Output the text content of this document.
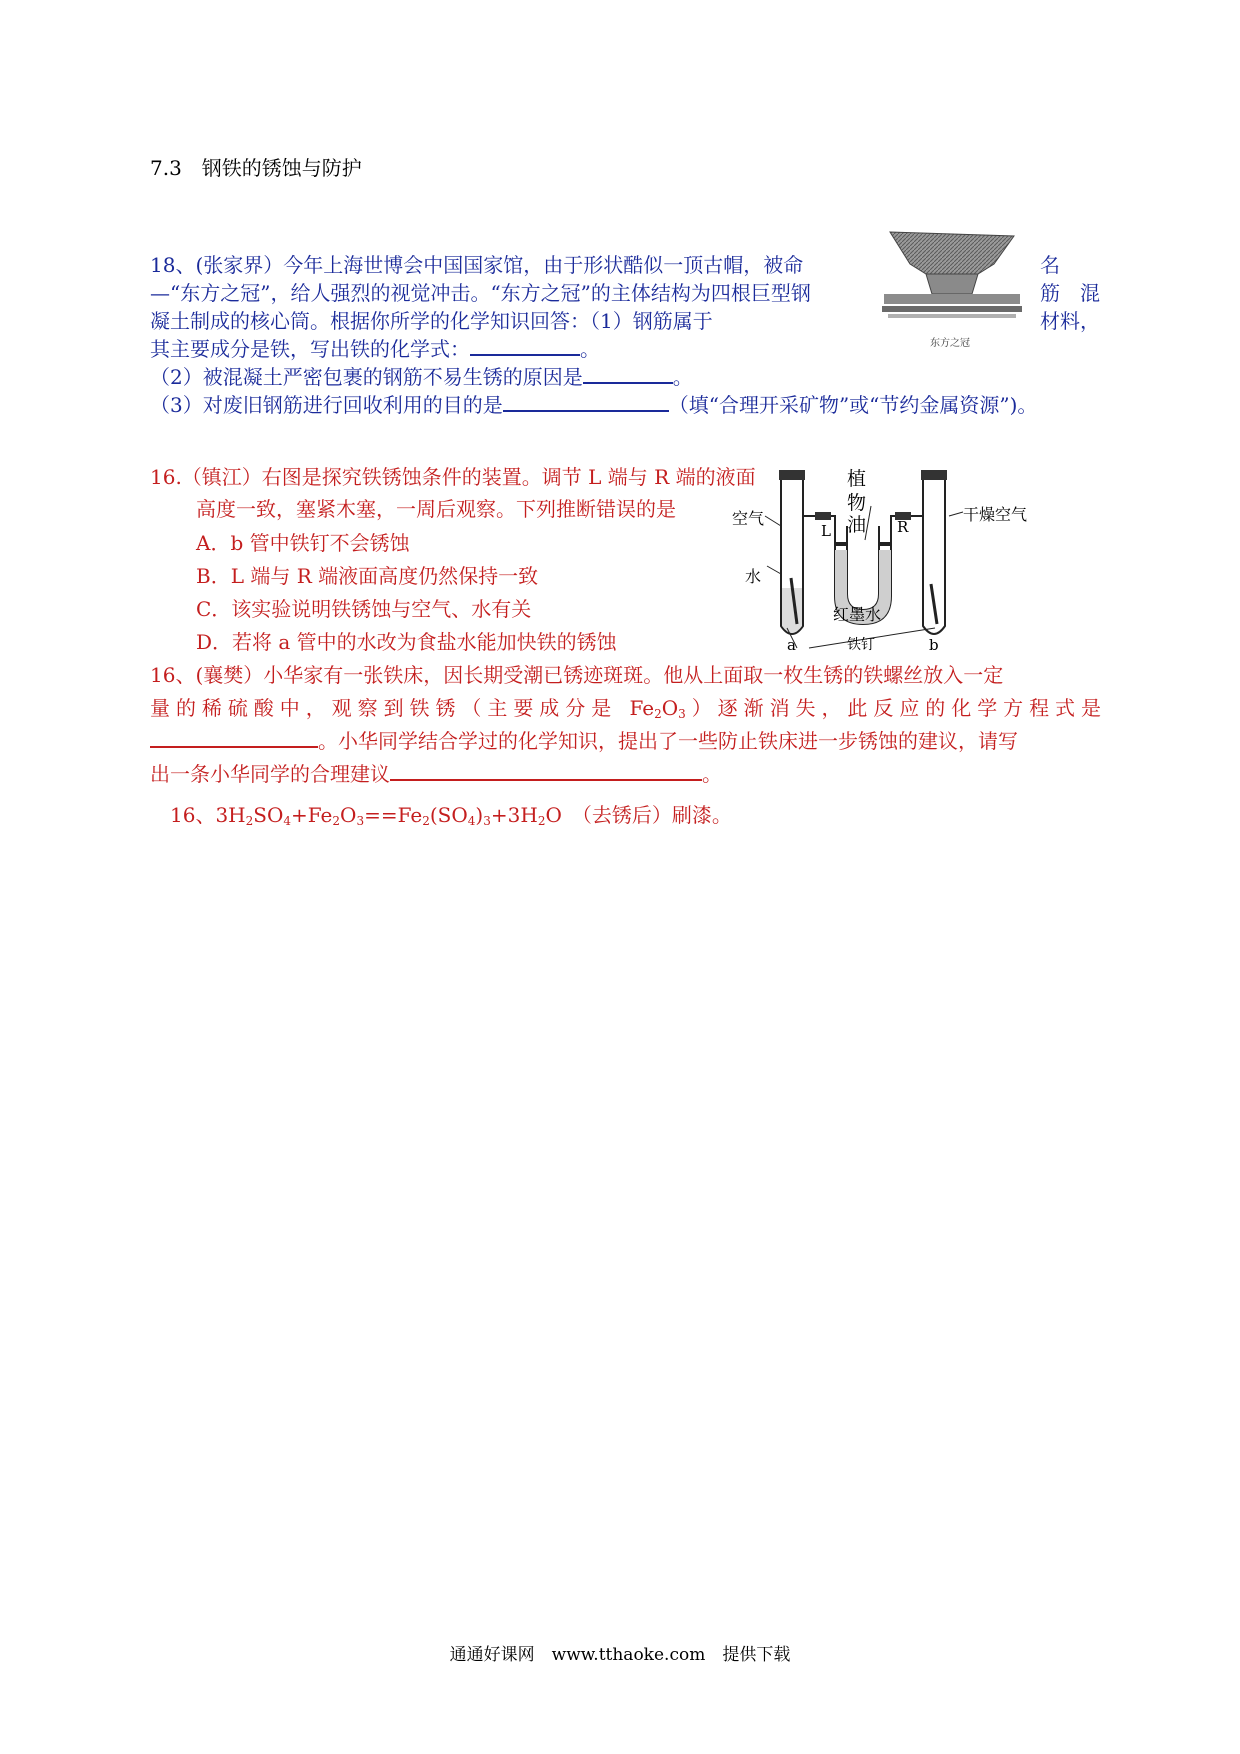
7.3　钢铁的锈蚀与防护
18、(张家界）今年上海世博会中国国家馆，由于形状酷似一顶古帽，被命	名
—“东方之冠”，给人强烈的视觉冲击。“东方之冠”的主体结构为四根巨型钢	筋 混
凝土制成的核心筒。根据你所学的化学知识回答：（1）钢筋属于	材料，
其主要成分是铁，写出铁的化学式：	。
（2）被混凝土严密包裹的钢筋不易生锈的原因是	。
（3）对废旧钢筋进行回收利用的目的是	（填“合理开采矿物”或“节约金属资源”)。
东方之冠
16.（镇江）右图是探究铁锈蚀条件的装置。调节 L 端与 R 端的液面
高度一致，塞紧木塞，一周后观察。下列推断错误的是
A．b 管中铁钉不会锈蚀
B．L 端与 R 端液面高度仍然保持一致
C．该实验说明铁锈蚀与空气、水有关
D．若将 a 管中的水改为食盐水能加快铁的锈蚀
植
物
油
空气	干燥空气
水
红墨水
铁钉
L	R
a	b
16、(襄樊）小华家有一张铁床，因长期受潮已锈迹斑斑。他从上面取一枚生锈的铁螺丝放入一定
量的稀硫酸中，观察到铁锈（主要成分是 $Fe_2O_3$）逐渐消失，此反应的化学方程式是
。小华同学结合学过的化学知识，提出了一些防止铁床进一步锈蚀的建议，请写
出一条小华同学的合理建议	。
16、$3H_2SO_4+Fe_2O_3==Fe_2(SO_4)_3+3H_2O$　（去锈后）刷漆。
通通好课网　www.tthaoke.com　提供下载
